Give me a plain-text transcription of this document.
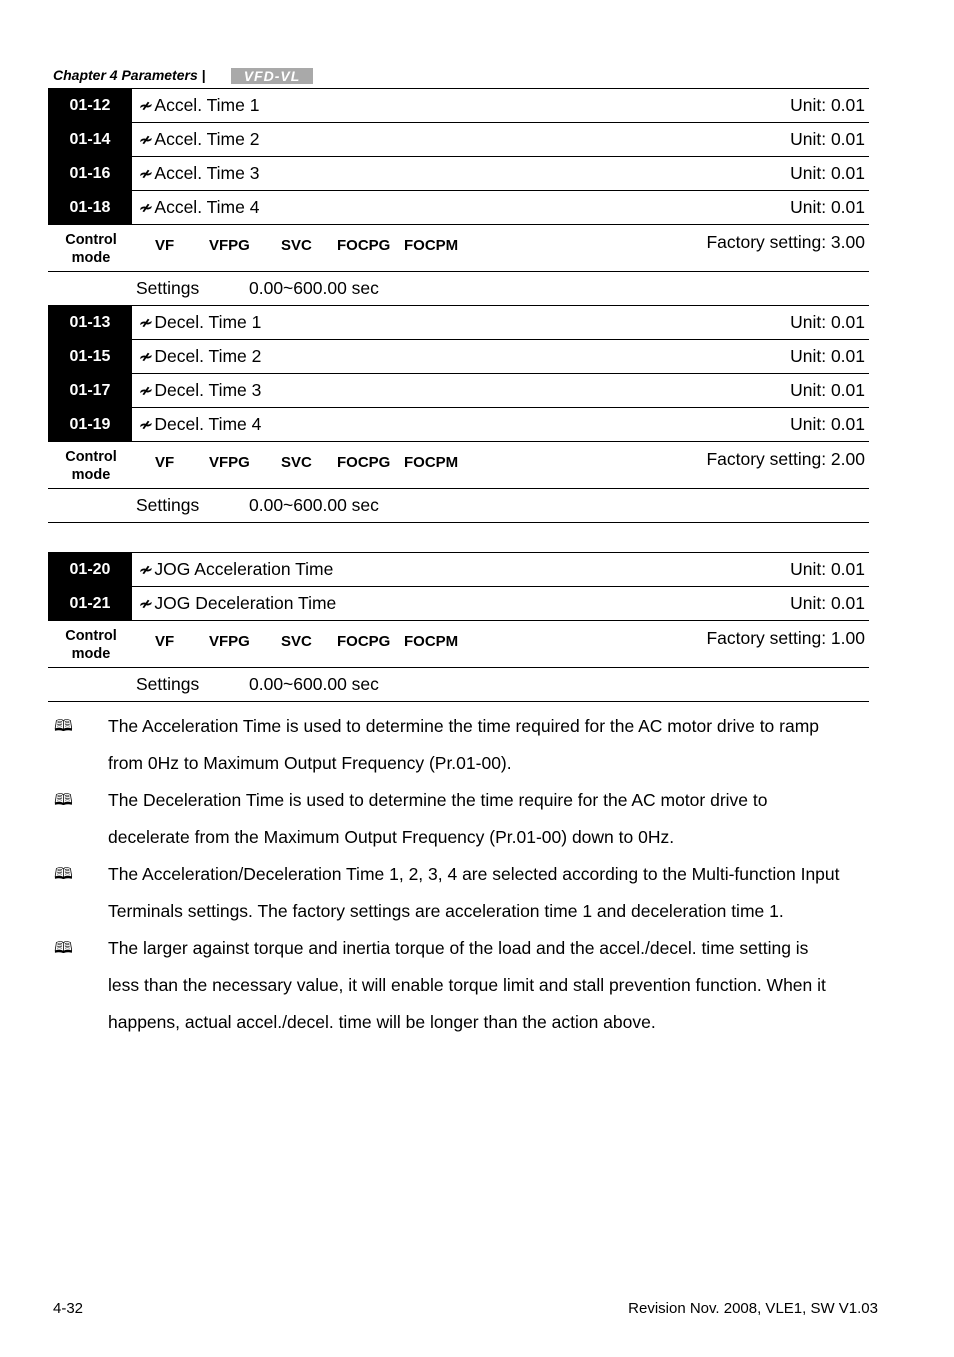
Chapter 4 Parameters |	VFD-VL
01-12	≁ Accel. Time 1	Unit: 0.01
01-14	≁ Accel. Time 2	Unit: 0.01
01-16	≁ Accel. Time 3	Unit: 0.01
01-18	≁ Accel. Time 4	Unit: 0.01
Control
mode
VF VFPG SVC FOCPG FOCPM	Factory setting: 3.00
Settings	0.00~600.00 sec
01-13	≁ Decel. Time 1	Unit: 0.01
01-15	≁ Decel. Time 2	Unit: 0.01
01-17	≁ Decel. Time 3	Unit: 0.01
01-19	≁ Decel. Time 4	Unit: 0.01
Control
mode
VF VFPG SVC FOCPG FOCPM	Factory setting: 2.00
Settings	0.00~600.00 sec
01-20	≁ JOG Acceleration Time	Unit: 0.01
01-21	≁ JOG Deceleration Time	Unit: 0.01
Control
mode
VF VFPG SVC FOCPG FOCPM	Factory setting: 1.00
Settings	0.00~600.00 sec
🕮 The Acceleration Time is used to determine the time required for the AC motor drive to ramp
from 0Hz to Maximum Output Frequency (Pr.01-00).
🕮 The Deceleration Time is used to determine the time require for the AC motor drive to
decelerate from the Maximum Output Frequency (Pr.01-00) down to 0Hz.
🕮 The Acceleration/Deceleration Time 1, 2, 3, 4 are selected according to the Multi-function Input
Terminals settings. The factory settings are acceleration time 1 and deceleration time 1.
🕮 The larger against torque and inertia torque of the load and the accel./decel. time setting is
less than the necessary value, it will enable torque limit and stall prevention function. When it
happens, actual accel./decel. time will be longer than the action above.
4-32	Revision Nov. 2008, VLE1, SW V1.03
